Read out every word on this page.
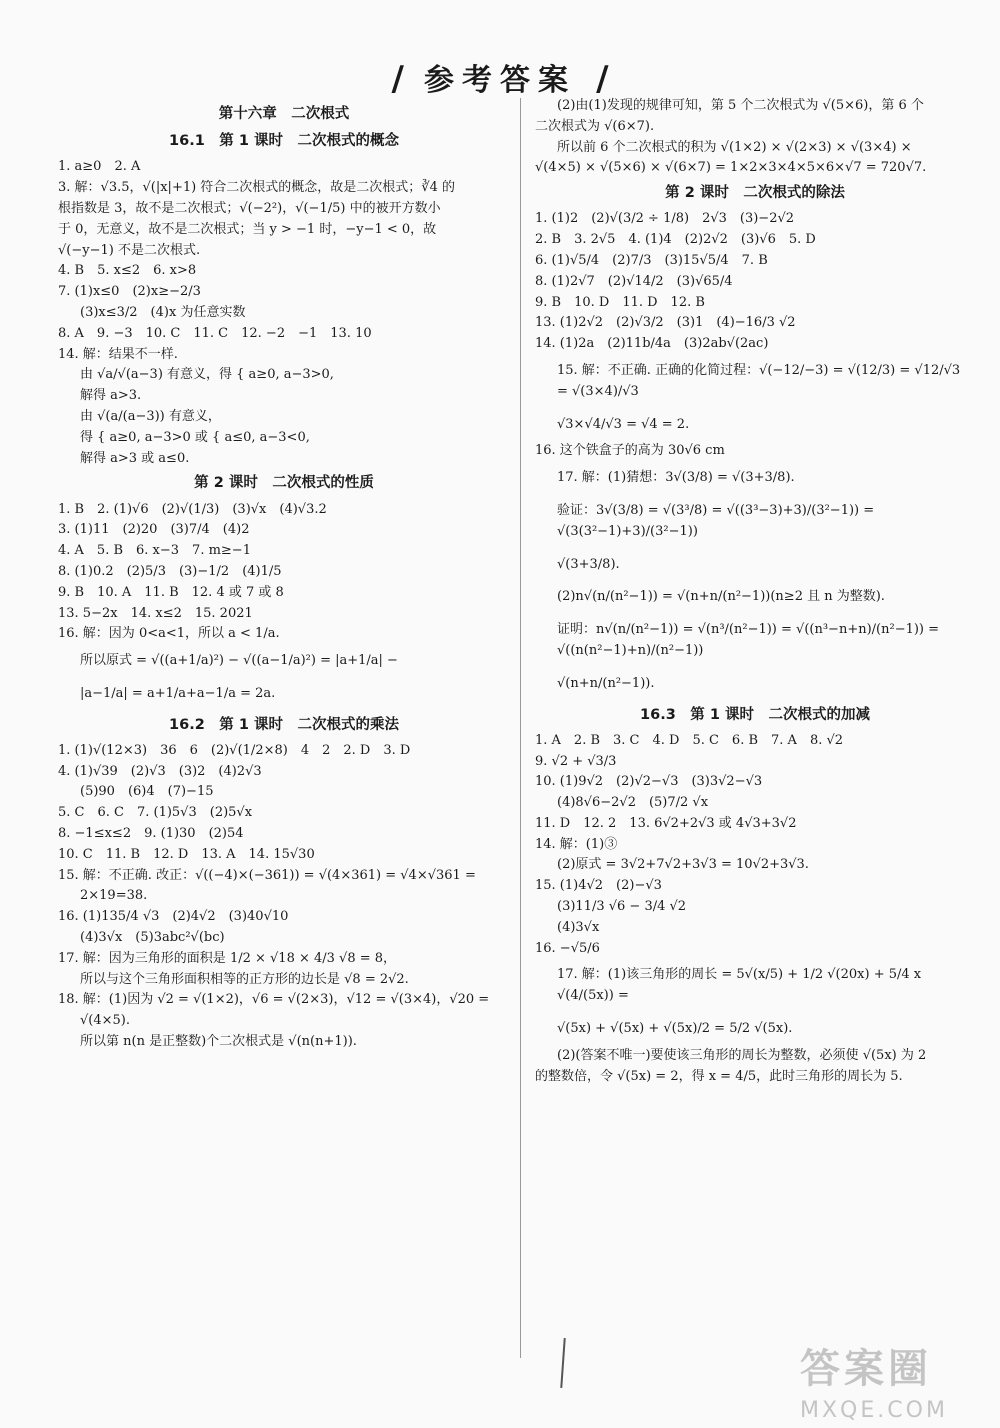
/ 参考答案 /
第十六章　二次根式
16.1　第 1 课时　二次根式的概念
1. a≥0　2. A
3. 解：√3.5，√(|x|+1) 符合二次根式的概念，故是二次根式；∛4 的
根指数是 3，故不是二次根式；√(−2²)，√(−1/5) 中的被开方数小
于 0，无意义，故不是二次根式；当 y > −1 时，−y−1 < 0，故
√(−y−1) 不是二次根式.
4. B　5. x≤2　6. x>8
7. (1)x≤0　(2)x≥−2/3
(3)x≤3/2　(4)x 为任意实数
8. A　9. −3　10. C　11. C　12. −2　−1　13. 10
14. 解：结果不一样.
由 √a/√(a−3) 有意义，得 { a≥0, a−3>0,
解得 a>3.
由 √(a/(a−3)) 有意义，
得 { a≥0, a−3>0 或 { a≤0, a−3<0,
解得 a>3 或 a≤0.
第 2 课时　二次根式的性质
1. B　2. (1)√6　(2)√(1/3)　(3)√x　(4)√3.2
3. (1)11　(2)20　(3)7/4　(4)2
4. A　5. B　6. x−3　7. m≥−1
8. (1)0.2　(2)5/3　(3)−1/2　(4)1/5
9. B　10. A　11. B　12. 4 或 7 或 8
13. 5−2x　14. x≤2　15. 2021
16. 解：因为 0<a<1，所以 a < 1/a.
所以原式 = √((a+1/a)²) − √((a−1/a)²) = |a+1/a| −
|a−1/a| = a+1/a+a−1/a = 2a.
16.2　第 1 课时　二次根式的乘法
1. (1)√(12×3)　36　6　(2)√(1/2×8)　4　2　2. D　3. D
4. (1)√39　(2)√3　(3)2　(4)2√3
(5)90　(6)4　(7)−15
5. C　6. C　7. (1)5√3　(2)5√x
8. −1≤x≤2　9. (1)30　(2)54
10. C　11. B　12. D　13. A　14. 15√30
15. 解：不正确. 改正：√((−4)×(−361)) = √(4×361) = √4×√361 =
2×19=38.
16. (1)135/4 √3　(2)4√2　(3)40√10
(4)3√x　(5)3abc²√(bc)
17. 解：因为三角形的面积是 1/2 × √18 × 4/3 √8 = 8，
所以与这个三角形面积相等的正方形的边长是 √8 = 2√2.
18. 解：(1)因为 √2 = √(1×2)，√6 = √(2×3)，√12 = √(3×4)，√20 =
√(4×5).
所以第 n(n 是正整数)个二次根式是 √(n(n+1)).
(2)由(1)发现的规律可知，第 5 个二次根式为 √(5×6)，第 6 个
二次根式为 √(6×7).
所以前 6 个二次根式的积为 √(1×2) × √(2×3) × √(3×4) ×
√(4×5) × √(5×6) × √(6×7) = 1×2×3×4×5×6×√7 = 720√7.
第 2 课时　二次根式的除法
1. (1)2　(2)√(3/2 ÷ 1/8)　2√3　(3)−2√2
2. B　3. 2√5　4. (1)4　(2)2√2　(3)√6　5. D
6. (1)√5/4　(2)7/3　(3)15√5/4　7. B
8. (1)2√7　(2)√14/2　(3)√65/4
9. B　10. D　11. D　12. B
13. (1)2√2　(2)√3/2　(3)1　(4)−16/3 √2
14. (1)2a　(2)11b/4a　(3)2ab√(2ac)
15. 解：不正确. 正确的化简过程：√(−12/−3) = √(12/3) = √12/√3 = √(3×4)/√3
√3×√4/√3 = √4 = 2.
16. 这个铁盒子的高为 30√6 cm
17. 解：(1)猜想：3√(3/8) = √(3+3/8).
验证：3√(3/8) = √(3³/8) = √((3³−3)+3)/(3²−1)) = √(3(3²−1)+3)/(3²−1))
√(3+3/8).
(2)n√(n/(n²−1)) = √(n+n/(n²−1))(n≥2 且 n 为整数).
证明：n√(n/(n²−1)) = √(n³/(n²−1)) = √((n³−n+n)/(n²−1)) = √((n(n²−1)+n)/(n²−1))
√(n+n/(n²−1)).
16.3　第 1 课时　二次根式的加减
1. A　2. B　3. C　4. D　5. C　6. B　7. A　8. √2
9. √2 + √3/3
10. (1)9√2　(2)√2−√3　(3)3√2−√3
(4)8√6−2√2　(5)7/2 √x
11. D　12. 2　13. 6√2+2√3 或 4√3+3√2
14. 解：(1)③
(2)原式 = 3√2+7√2+3√3 = 10√2+3√3.
15. (1)4√2　(2)−√3
(3)11/3 √6 − 3/4 √2
(4)3√x
16. −√5/6
17. 解：(1)该三角形的周长 = 5√(x/5) + 1/2 √(20x) + 5/4 x √(4/(5x)) =
√(5x) + √(5x) + √(5x)/2 = 5/2 √(5x).
(2)(答案不唯一)要使该三角形的周长为整数，必须使 √(5x) 为 2
的整数倍，令 √(5x) = 2，得 x = 4/5，此时三角形的周长为 5.
答案圈
MXQE.COM
